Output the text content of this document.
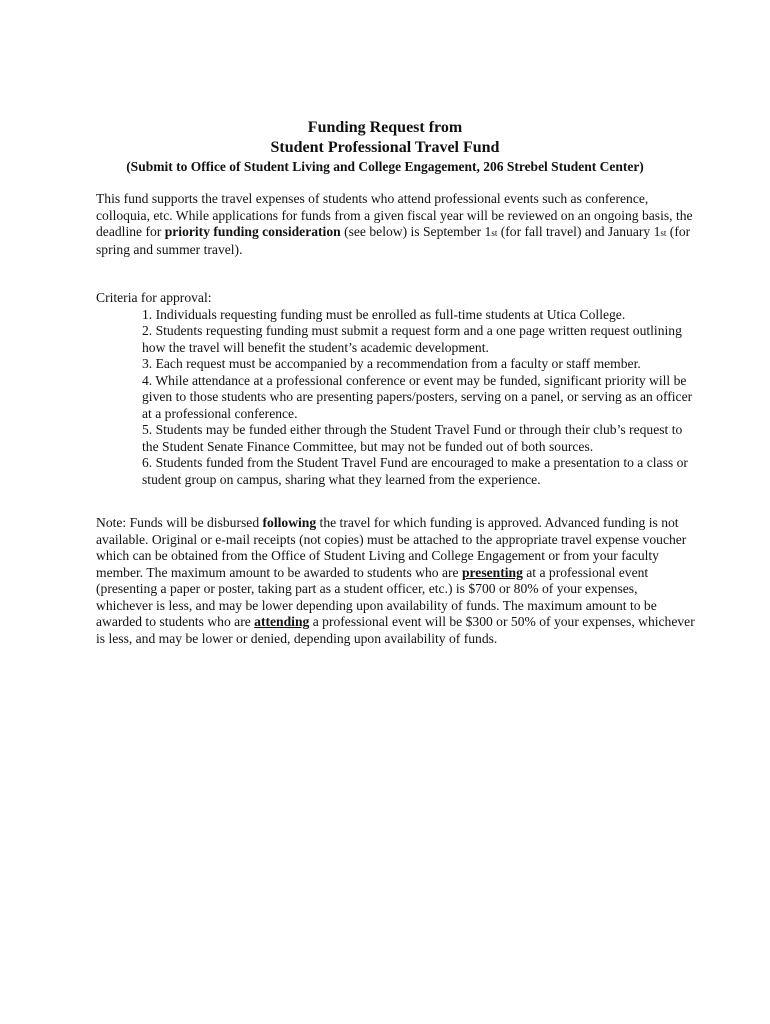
Funding Request from
Student Professional Travel Fund
(Submit to Office of Student Living and College Engagement, 206 Strebel Student Center)
This fund supports the travel expenses of students who attend professional events such as conference, colloquia, etc. While applications for funds from a given fiscal year will be reviewed on an ongoing basis, the deadline for priority funding consideration (see below) is September 1st (for fall travel) and January 1st (for spring and summer travel).
Criteria for approval:
1. Individuals requesting funding must be enrolled as full-time students at Utica College.
2. Students requesting funding must submit a request form and a one page written request outlining how the travel will benefit the student’s academic development.
3. Each request must be accompanied by a recommendation from a faculty or staff member.
4. While attendance at a professional conference or event may be funded, significant priority will be given to those students who are presenting papers/posters, serving on a panel, or serving as an officer at a professional conference.
5. Students may be funded either through the Student Travel Fund or through their club’s request to the Student Senate Finance Committee, but may not be funded out of both sources.
6. Students funded from the Student Travel Fund are encouraged to make a presentation to a class or student group on campus, sharing what they learned from the experience.
Note: Funds will be disbursed following the travel for which funding is approved. Advanced funding is not available. Original or e-mail receipts (not copies) must be attached to the appropriate travel expense voucher which can be obtained from the Office of Student Living and College Engagement or from your faculty member. The maximum amount to be awarded to students who are presenting at a professional event (presenting a paper or poster, taking part as a student officer, etc.) is $700 or 80% of your expenses, whichever is less, and may be lower depending upon availability of funds. The maximum amount to be awarded to students who are attending a professional event will be $300 or 50% of your expenses, whichever is less, and may be lower or denied, depending upon availability of funds.
